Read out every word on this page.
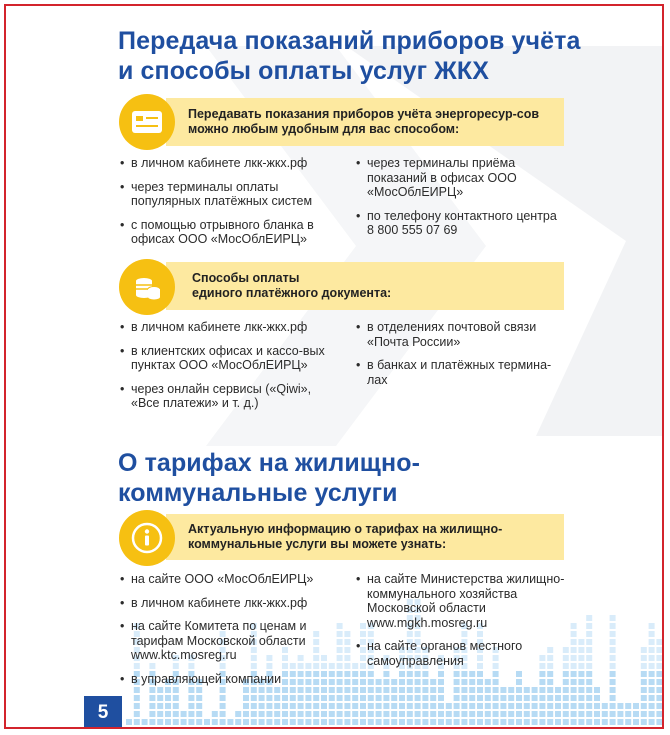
Передача показаний приборов учёта
и способы оплаты услуг ЖКХ
Передавать показания приборов учёта энергоресур-сов можно любым удобным для вас способом:
• в личном кабинете лкк-жкх.рф
• через терминалы оплаты популярных платёжных систем
• с помощью отрывного бланка в офисах ООО «МосОблЕИРЦ»
• через терминалы приёма показаний в офисах ООО «МосОблЕИРЦ»
• по телефону контактного центра 8 800 555 07 69
Способы оплаты
единого платёжного документа:
• в личном кабинете лкк-жкх.рф
• в клиентских офисах и кассо-вых пунктах ООО «МосОблЕИРЦ»
• через онлайн сервисы («Qiwi», «Все платежи» и т. д.)
• в отделениях почтовой связи «Почта России»
• в банках и платёжных термина-лах
О тарифах на жилищно-
коммунальные услуги
Актуальную информацию о тарифах на жилищно-коммунальные услуги вы можете узнать:
• на сайте ООО «МосОблЕИРЦ»
• в личном кабинете лкк-жкх.рф
• на сайте Комитета по ценам и тарифам Московской области www.ktc.mosreg.ru
• в управляющей компании
• на сайте Министерства жилищно-коммунального хозяйства Московской области www.mgkh.mosreg.ru
• на сайте органов местного самоуправления
5
